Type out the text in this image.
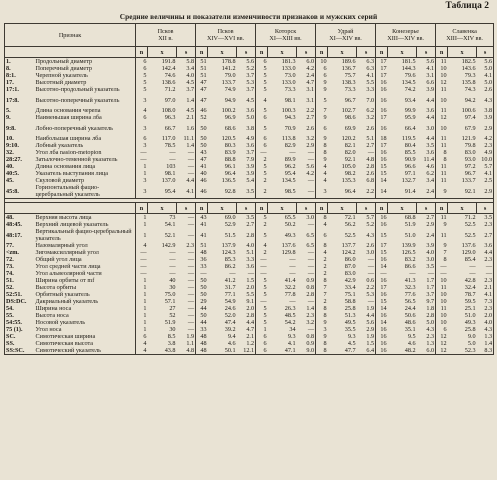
Таблица 2
Средние величины и показатели изменчивости признаков и мужских серий
Признак		Псков
XII в.			Псков
XIV—XVI вв.			Которск
XI—XIII вв.			Удрай
XI—XIV вв.			Конезерье
XIII—XIV вв.			Славенка
XIII—XIV вв.		
		n	x	s	n	x	s	n	x	s	n	x	s	n	x	s	n	x	s
1.	Продольный диаметр	6	191.8	5.8	51	178.8	5.6	6	181.3	6.0	10	189.6	6.3	17	181.5	5.6	11	182.5	5.6
8.	Поперечный диаметр	6	142.4	3.4	51	141.2	5.2	5	133.0	4.2	6	136.7	6.3	17	144.3	4.1	10	143.6	5.0
8:1.	Черепной указатель	5	74.6	4.0	51	79.0	3.7	5	73.0	2.4	6	75.7	4.1	17	79.6	3.1	10	79.3	4.1
17.	Высотный диаметр	5	138.6	4.5	47	133.7	5.3	5	133.0	4.7	9	138.3	5.5	16	134.5	6.6	12	135.8	5.0
17:1.	Высотно-продольный указатель	5	71.2	3.7	47	74.9	3.7	5	73.3	3.1	9	73.3	3.3	16	74.2	3.9	11	74.3	2.6
17:8.	Высотно-поперечный указатель	3	97.0	1.4	47	94.9	4.5	4	98.1	3.1	5	96.7	7.0	16	93.4	4.4	10	94.2	4.3
5.	Длина основания черепа	4	108.0	4.5	46	100.2	3.6	5	100.3	2.2	7	102.7	6.2	16	99.9	3.6	11	100.6	3.8
9.	Наименьшая ширина лба	6	96.3	2.1	52	96.9	5.0	6	94.3	2.7	9	98.6	3.2	17	95.9	4.4	12	97.4	3.9
9:8.	Лобно-поперечный указатель	3	66.7	1.6	50	68.6	3.8	5	70.9	2.6	6	69.9	2.6	16	66.4	3.0	10	67.9	2.9
10.	Наибольшая ширина лба	6	117.0	11.1	50	120.5	4.9	6	113.8	3.2	9	120.2	5.1	18	119.5	4.4	11	121.9	4.2
9:10.	Лобный указатель	3	78.5	1.4	50	80.3	3.6	6	82.9	2.9	8	82.1	2.7	17	80.4	3.5	11	79.8	2.3
32.	Угол лба nasion-metopion	—	—	—	43	83.9	3.7	—	—	—	8	82.0	—	16	85.5	3.6	8	83.0	4.9
28:27.	Затылочно-теменной указатель	—	—	—	47	88.8	7.9	2	89.9	—	9	92.1	4.8	16	90.9	11.4	8	93.0	10.0
40.	Длина основания лица	1	103	—	41	96.1	3.9	5	96.2	5.6	4	105.0	2.8	15	96.6	4.6	11	97.2	5.7
40:5.	Указатель выступания лица	1	98.1	—	40	96.4	3.9	5	95.4	4.2	4	98.2	2.6	15	97.1	6.2	11	96.7	4.1
45.	Скуловой диаметр	3	137.0	4.4	46	136.5	5.4	2	134.5	—	4	135.3	6.8	14	132.7	3.4	11	133.7	2.5
45:8.	Горизонтальный фацио-церебральный указатель	3	95.4	4.1	46	92.8	3.5	2	98.5	—	3	96.4	2.2	14	91.4	2.4	9	92.1	2.9

		n	x	s	n	x	s	n	x	s	n	x	s	n	x	s	n	x	s
48.	Верхняя высота лица	1	73	—	43	69.0	3.5	5	65.5	3.0	8	72.1	5.7	16	68.8	2.7	11	71.2	3.5
48:45.	Верхний лицевой указатель	1	54.1	—	41	52.9	2.7	2	50.2	—	4	56.2	5.2	16	51.9	2.9	9	52.5	2.3
48:17.	Вертикальный фацио-церебральный указатель	1	52.1	—	41	51.5	2.8	5	49.3	6.5	6	52.5	4.3	15	51.0	2.4	11	52.5	2.7
77.	Назомалярный угол	4	142.9	2.3	51	137.9	4.0	4	137.6	6.5	8	137.7	2.6	17	139.9	3.9	9	137.6	3.6
<zm.	Зигомаксиллярный угол	—	—	—	48	124.3	5.1	2	129.8	—	4	124.2	3.0	15	126.5	4.0	7	129.0	4.4
72.	Общий угол лица	—	—	—	36	85.3	3.3	—	—	—	2	86.0	—	16	83.2	3.0	8	85.4	2.3
73.	Угол средней части лица	—	—	—	33	86.2	3.6	—	—	—	2	87.0	—	14	86.6	3.5	—	—	—
74.	Угол альвеолярной части	—	—	—	—	—	—	—	—	—	2	83.0	—	—	—	—	—	—	—
51.	Ширина орбиты от mf	1	40	—	50	41.2	1.5	5	41.4	0.9	8	42.9	0.6	16	41.3	1.7	10	42.8	2.3
52.	Высота орбиты	1	30	—	50	31.7	2.0	5	32.2	0.8	7	33.4	2.2	17	32.3	1.7	11	32.4	2.1
52:51.	Орбитный указатель	1	75.0	—	50	77.1	5.5	5	77.8	2.8	7	75.1	5.3	16	77.6	3.7	10	78.7	4.1
DS:DC.	Дакриальный указатель	1	57.1	—	29	54.9	9.1	—	—	—	2	58.8	—	15	56.5	9.7	10	59.5	7.3
54.	Ширина носа	1	27	—	44	24.6	2.0	5	26.3	1.4	8	25.8	1.9	14	24.4	1.8	11	25.1	2.3
55.	Высота носа	1	52	—	50	52.0	2.8	5	48.5	2.3	8	51.3	4.4	16	50.6	2.8	10	51.0	2.0
54:55.	Носовой указатель	1	51.9	—	44	47.4	4.4	5	54.2	3.2	9	49.5	5.6	14	48.6	5.0	10	49.3	4.0
75 (1).	Угол носа	1	30	—	33	39.2	4.7	1	34	—	3	35.5	2.9	16	35.1	4.3	6	25.8	4.3
SC.	Симотическая ширина	6	8.5	1.9	48	9.4	2.1	6	9.3	0.8	9	9.3	1.9	16	9.5	2.3	12	9.0	1.3
SS.	Симотическая высота	4	3.8	1.1	48	4.6	1.2	6	4.1	0.9	8	4.5	1.5	16	4.6	1.3	12	5.0	1.4
SS:SC.	Симотический указатель	4	43.8	4.8	48	50.1	12.1	6	47.1	9.0	8	47.7	6.4	16	48.2	6.0	12	52.3	8.3
